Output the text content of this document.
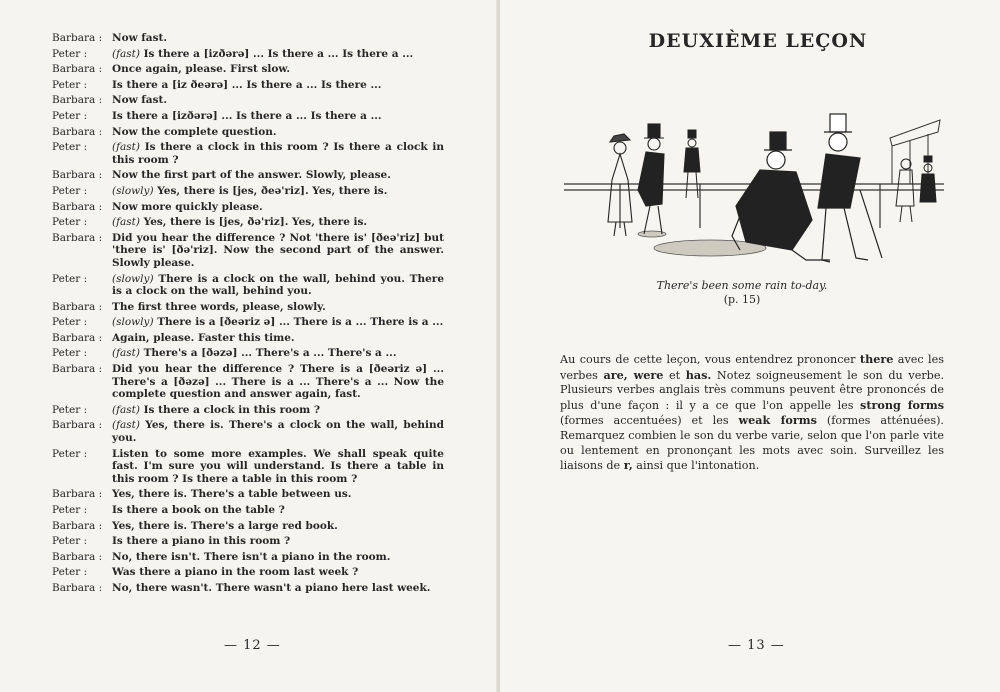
Barbara : Now fast.
Peter :	(fast) Is there a [izðərə] ... Is there a ... Is there a ...
Barbara : Once again, please. First slow.
Peter :	Is there a [iz ðeərə] ... Is there a ... Is there ...
Barbara : Now fast.
Peter :	Is there a [izðərə] ... Is there a ... Is there a ...
Barbara : Now the complete question.
Peter :	(fast) Is there a clock in this room ? Is there a clock in this room ?
Barbara : Now the first part of the answer. Slowly, please.
Peter :	(slowly) Yes, there is [jes, ðeə'riz]. Yes, there is.
Barbara : Now more quickly please.
Peter :	(fast) Yes, there is [jes, ðə'riz]. Yes, there is.
Barbara : Did you hear the difference ? Not 'there is' [ðeə'riz] but 'there is' [ðə'riz]. Now the second part of the answer. Slowly please.
Peter :	(slowly) There is a clock on the wall, behind you. There is a clock on the wall, behind you.
Barbara : The first three words, please, slowly.
Peter :	(slowly) There is a [ðeəriz ə] ... There is a ... There is a ...
Barbara : Again, please. Faster this time.
Peter :	(fast) There's a [ðəzə] ... There's a ... There's a ...
Barbara : Did you hear the difference ? There is a [ðeəriz ə] ... There's a [ðəzə] ... There is a ... There's a ... Now the complete question and answer again, fast.
Peter :	(fast) Is there a clock in this room ?
Barbara : (fast) Yes, there is. There's a clock on the wall, behind you.
Peter :	Listen to some more examples. We shall speak quite fast. I'm sure you will understand. Is there a table in this room ? Is there a table in this room ?
Barbara : Yes, there is. There's a table between us.
Peter :	Is there a book on the table ?
Barbara : Yes, there is. There's a large red book.
Peter :	Is there a piano in this room ?
Barbara : No, there isn't. There isn't a piano in the room.
Peter :	Was there a piano in the room last week ?
Barbara : No, there wasn't. There wasn't a piano here last week.
— 12 —
DEUXIÈME LEÇON
There's been some rain to-day.
(p. 15)
Au cours de cette leçon, vous entendrez prononcer there avec les verbes are, were et has. Notez soigneusement le son du verbe. Plusieurs verbes anglais très communs peuvent être prononcés de plus d'une façon : il y a ce que l'on appelle les strong forms (formes accentuées) et les weak forms (formes atténuées). Remarquez combien le son du verbe varie, selon que l'on parle vite ou lentement en prononçant les mots avec soin. Surveillez les liaisons de r, ainsi que l'intonation.
— 13 —
